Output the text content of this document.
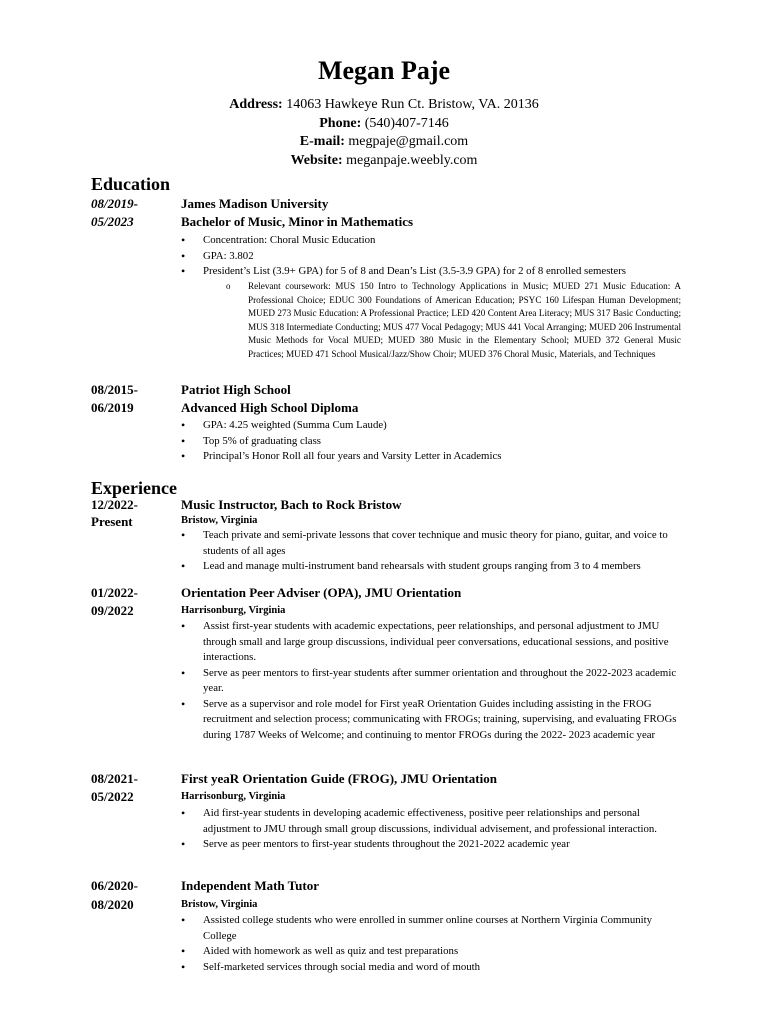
Megan Paje
Address: 14063 Hawkeye Run Ct. Bristow, VA. 20136
Phone: (540)407-7146
E-mail: megpaje@gmail.com
Website: meganpaje.weebly.com
Education
08/2019-
05/2023
James Madison University
Bachelor of Music, Minor in Mathematics
• Concentration: Choral Music Education
• GPA: 3.802
• President’s List (3.9+ GPA) for 5 of 8 and Dean’s List (3.5-3.9 GPA) for 2 of 8 enrolled semesters
o Relevant coursework: MUS 150 Intro to Technology Applications in Music; MUED 271 Music Education: A Professional Choice; EDUC 300 Foundations of American Education; PSYC 160 Lifespan Human Development; MUED 273 Music Education: A Professional Practice; LED 420 Content Area Literacy; MUS 317 Basic Conducting; MUS 318 Intermediate Conducting; MUS 477 Vocal Pedagogy; MUS 441 Vocal Arranging; MUED 206 Instrumental Music Methods for Vocal MUED; MUED 380 Music in the Elementary School; MUED 372 General Music Practices; MUED 471 School Musical/Jazz/Show Choir; MUED 376 Choral Music, Materials, and Techniques
08/2015-
06/2019
Patriot High School
Advanced High School Diploma
• GPA: 4.25 weighted (Summa Cum Laude)
• Top 5% of graduating class
• Principal’s Honor Roll all four years and Varsity Letter in Academics
Experience
12/2022-
Present
Music Instructor, Bach to Rock Bristow
Bristow, Virginia
• Teach private and semi-private lessons that cover technique and music theory for piano, guitar, and voice to students of all ages
• Lead and manage multi-instrument band rehearsals with student groups ranging from 3 to 4 members
01/2022-
09/2022
Orientation Peer Adviser (OPA), JMU Orientation
Harrisonburg, Virginia
• Assist first-year students with academic expectations, peer relationships, and personal adjustment to JMU through small and large group discussions, individual peer conversations, educational sessions, and positive interactions.
• Serve as peer mentors to first-year students after summer orientation and throughout the 2022-2023 academic year.
• Serve as a supervisor and role model for First yeaR Orientation Guides including assisting in the FROG recruitment and selection process; communicating with FROGs; training, supervising, and evaluating FROGs during 1787 Weeks of Welcome; and continuing to mentor FROGs during the 2022- 2023 academic year
08/2021-
05/2022
First yeaR Orientation Guide (FROG), JMU Orientation
Harrisonburg, Virginia
• Aid first-year students in developing academic effectiveness, positive peer relationships and personal adjustment to JMU through small group discussions, individual advisement, and professional interaction.
• Serve as peer mentors to first-year students throughout the 2021-2022 academic year
06/2020-
08/2020
Independent Math Tutor
Bristow, Virginia
• Assisted college students who were enrolled in summer online courses at Northern Virginia Community College
• Aided with homework as well as quiz and test preparations
• Self-marketed services through social media and word of mouth
